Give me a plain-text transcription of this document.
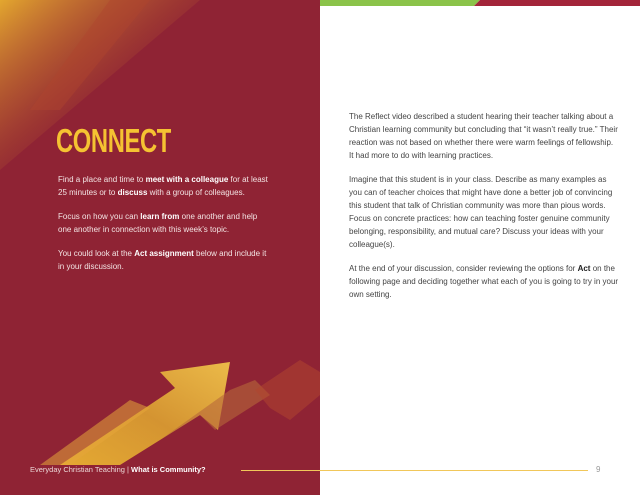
CONNECT

Find a place and time to meet with a colleague for at least 25 minutes or to discuss with a group of colleagues.

Focus on how you can learn from one another and help one another in connection with this week’s topic.

You could look at the Act assignment below and include it in your discussion.

The Reflect video described a student hearing their teacher talking about a Christian learning community but concluding that “it wasn’t really true.” Their reaction was not based on whether there were warm feelings of fellowship. It had more to do with learning practices.

Imagine that this student is in your class. Describe as many examples as you can of teacher choices that might have done a better job of convincing this student that talk of Christian community was more than pious words. Focus on concrete practices: how can teaching foster genuine community belonging, responsibility, and mutual care? Discuss your ideas with your colleague(s).

At the end of your discussion, consider reviewing the options for Act on the following page and deciding together what each of you is going to try in your own setting.

Everyday Christian Teaching | What is Community?	9
